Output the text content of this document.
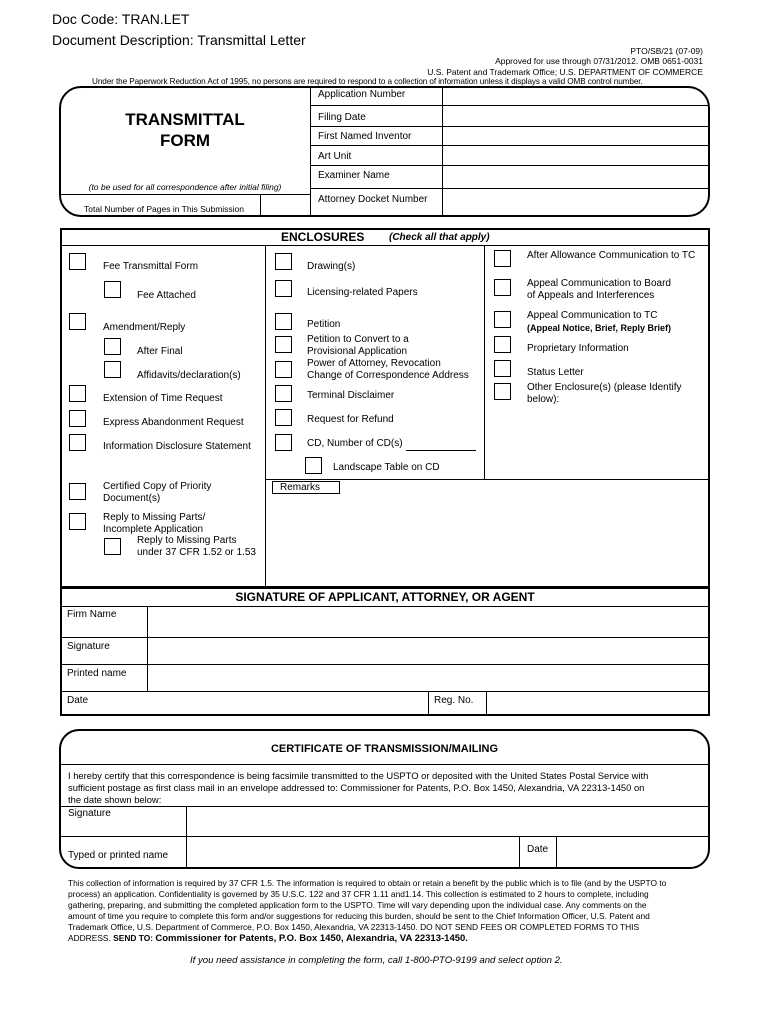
Doc Code: TRAN.LET
Document Description: Transmittal Letter
PTO/SB/21 (07-09)
Approved for use through 07/31/2012. OMB 0651-0031
U.S. Patent and Trademark Office; U.S. DEPARTMENT OF COMMERCE
Under the Paperwork Reduction Act of 1995, no persons are required to respond to a collection of information unless it displays a valid OMB control number.
TRANSMITTAL
FORM
(to be used for all correspondence after initial filing)
Total Number of Pages in This Submission
Application Number
Filing Date
First Named Inventor
Art Unit
Examiner Name
Attorney Docket Number
ENCLOSURES (Check all that apply)
Fee Transmittal Form
Fee Attached
Amendment/Reply
After Final
Affidavits/declaration(s)
Extension of Time Request
Express Abandonment Request
Information Disclosure Statement
Certified Copy of Priority
Document(s)
Reply to Missing Parts/
Incomplete Application
Reply to Missing Parts
under 37 CFR 1.52 or 1.53
Drawing(s)
Licensing-related Papers
Petition
Petition to Convert to a
Provisional Application
Power of Attorney, Revocation
Change of Correspondence Address
Terminal Disclaimer
Request for Refund
CD, Number of CD(s)
Landscape Table on CD
Remarks
After Allowance Communication to TC
Appeal Communication to Board
of Appeals and Interferences
Appeal Communication to TC
(Appeal Notice, Brief, Reply Brief)
Proprietary Information
Status Letter
Other Enclosure(s) (please Identify
below):
SIGNATURE OF APPLICANT, ATTORNEY, OR AGENT
Firm Name
Signature
Printed name
Date	Reg. No.
CERTIFICATE OF TRANSMISSION/MAILING
I hereby certify that this correspondence is being facsimile transmitted to the USPTO or deposited with the United States Postal Service with
sufficient postage as first class mail in an envelope addressed to: Commissioner for Patents, P.O. Box 1450, Alexandria, VA 22313-1450 on
the date shown below:
Signature
Typed or printed name
Date
This collection of information is required by 37 CFR 1.5. The information is required to obtain or retain a benefit by the public which is to file (and by the USPTO to
process) an application. Confidentiality is governed by 35 U.S.C. 122 and 37 CFR 1.11 and1.14. This collection is estimated to 2 hours to complete, including
gathering, preparing, and submitting the completed application form to the USPTO. Time will vary depending upon the individual case. Any comments on the
amount of time you require to complete this form and/or suggestions for reducing this burden, should be sent to the Chief Information Officer, U.S. Patent and
Trademark Office, U.S. Department of Commerce, P.O. Box 1450, Alexandria, VA 22313-1450. DO NOT SEND FEES OR COMPLETED FORMS TO THIS
ADDRESS. SEND TO: Commissioner for Patents, P.O. Box 1450, Alexandria, VA 22313-1450.
If you need assistance in completing the form, call 1-800-PTO-9199 and select option 2.
